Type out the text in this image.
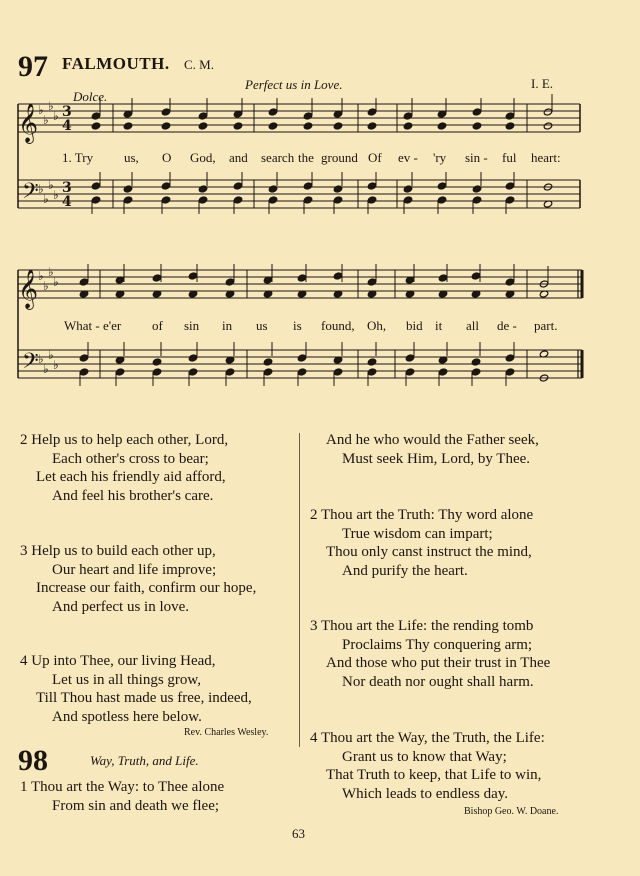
97 FALMOUTH. C. M.
Perfect us in Love.	I. E.
Dolce.
𝄞
𝄢
♭
♭
♭
♭
♭
♭
♭
♭
3
4
3
4
𝄞
𝄢
♭
♭
♭
♭
♭
♭
♭
♭
1. Try us, O God, and search the ground Of ev - 'ry sin - ful heart:
What - e'er of sin in us is found, Oh, bid it all de - part.
2 Help us to help each other, Lord,
Each other's cross to bear;
Let each his friendly aid afford,
And feel his brother's care.
3 Help us to build each other up,
Our heart and life improve;
Increase our faith, confirm our hope,
And perfect us in love.
4 Up into Thee, our living Head,
Let us in all things grow,
Till Thou hast made us free, indeed,
And spotless here below.
Rev. Charles Wesley.
98	Way, Truth, and Life.
1 Thou art the Way: to Thee alone
From sin and death we flee;
And he who would the Father seek,
Must seek Him, Lord, by Thee.
2 Thou art the Truth: Thy word alone
True wisdom can impart;
Thou only canst instruct the mind,
And purify the heart.
3 Thou art the Life: the rending tomb
Proclaims Thy conquering arm;
And those who put their trust in Thee
Nor death nor ought shall harm.
4 Thou art the Way, the Truth, the Life:
Grant us to know that Way;
That Truth to keep, that Life to win,
Which leads to endless day.
Bishop Geo. W. Doane.
63
